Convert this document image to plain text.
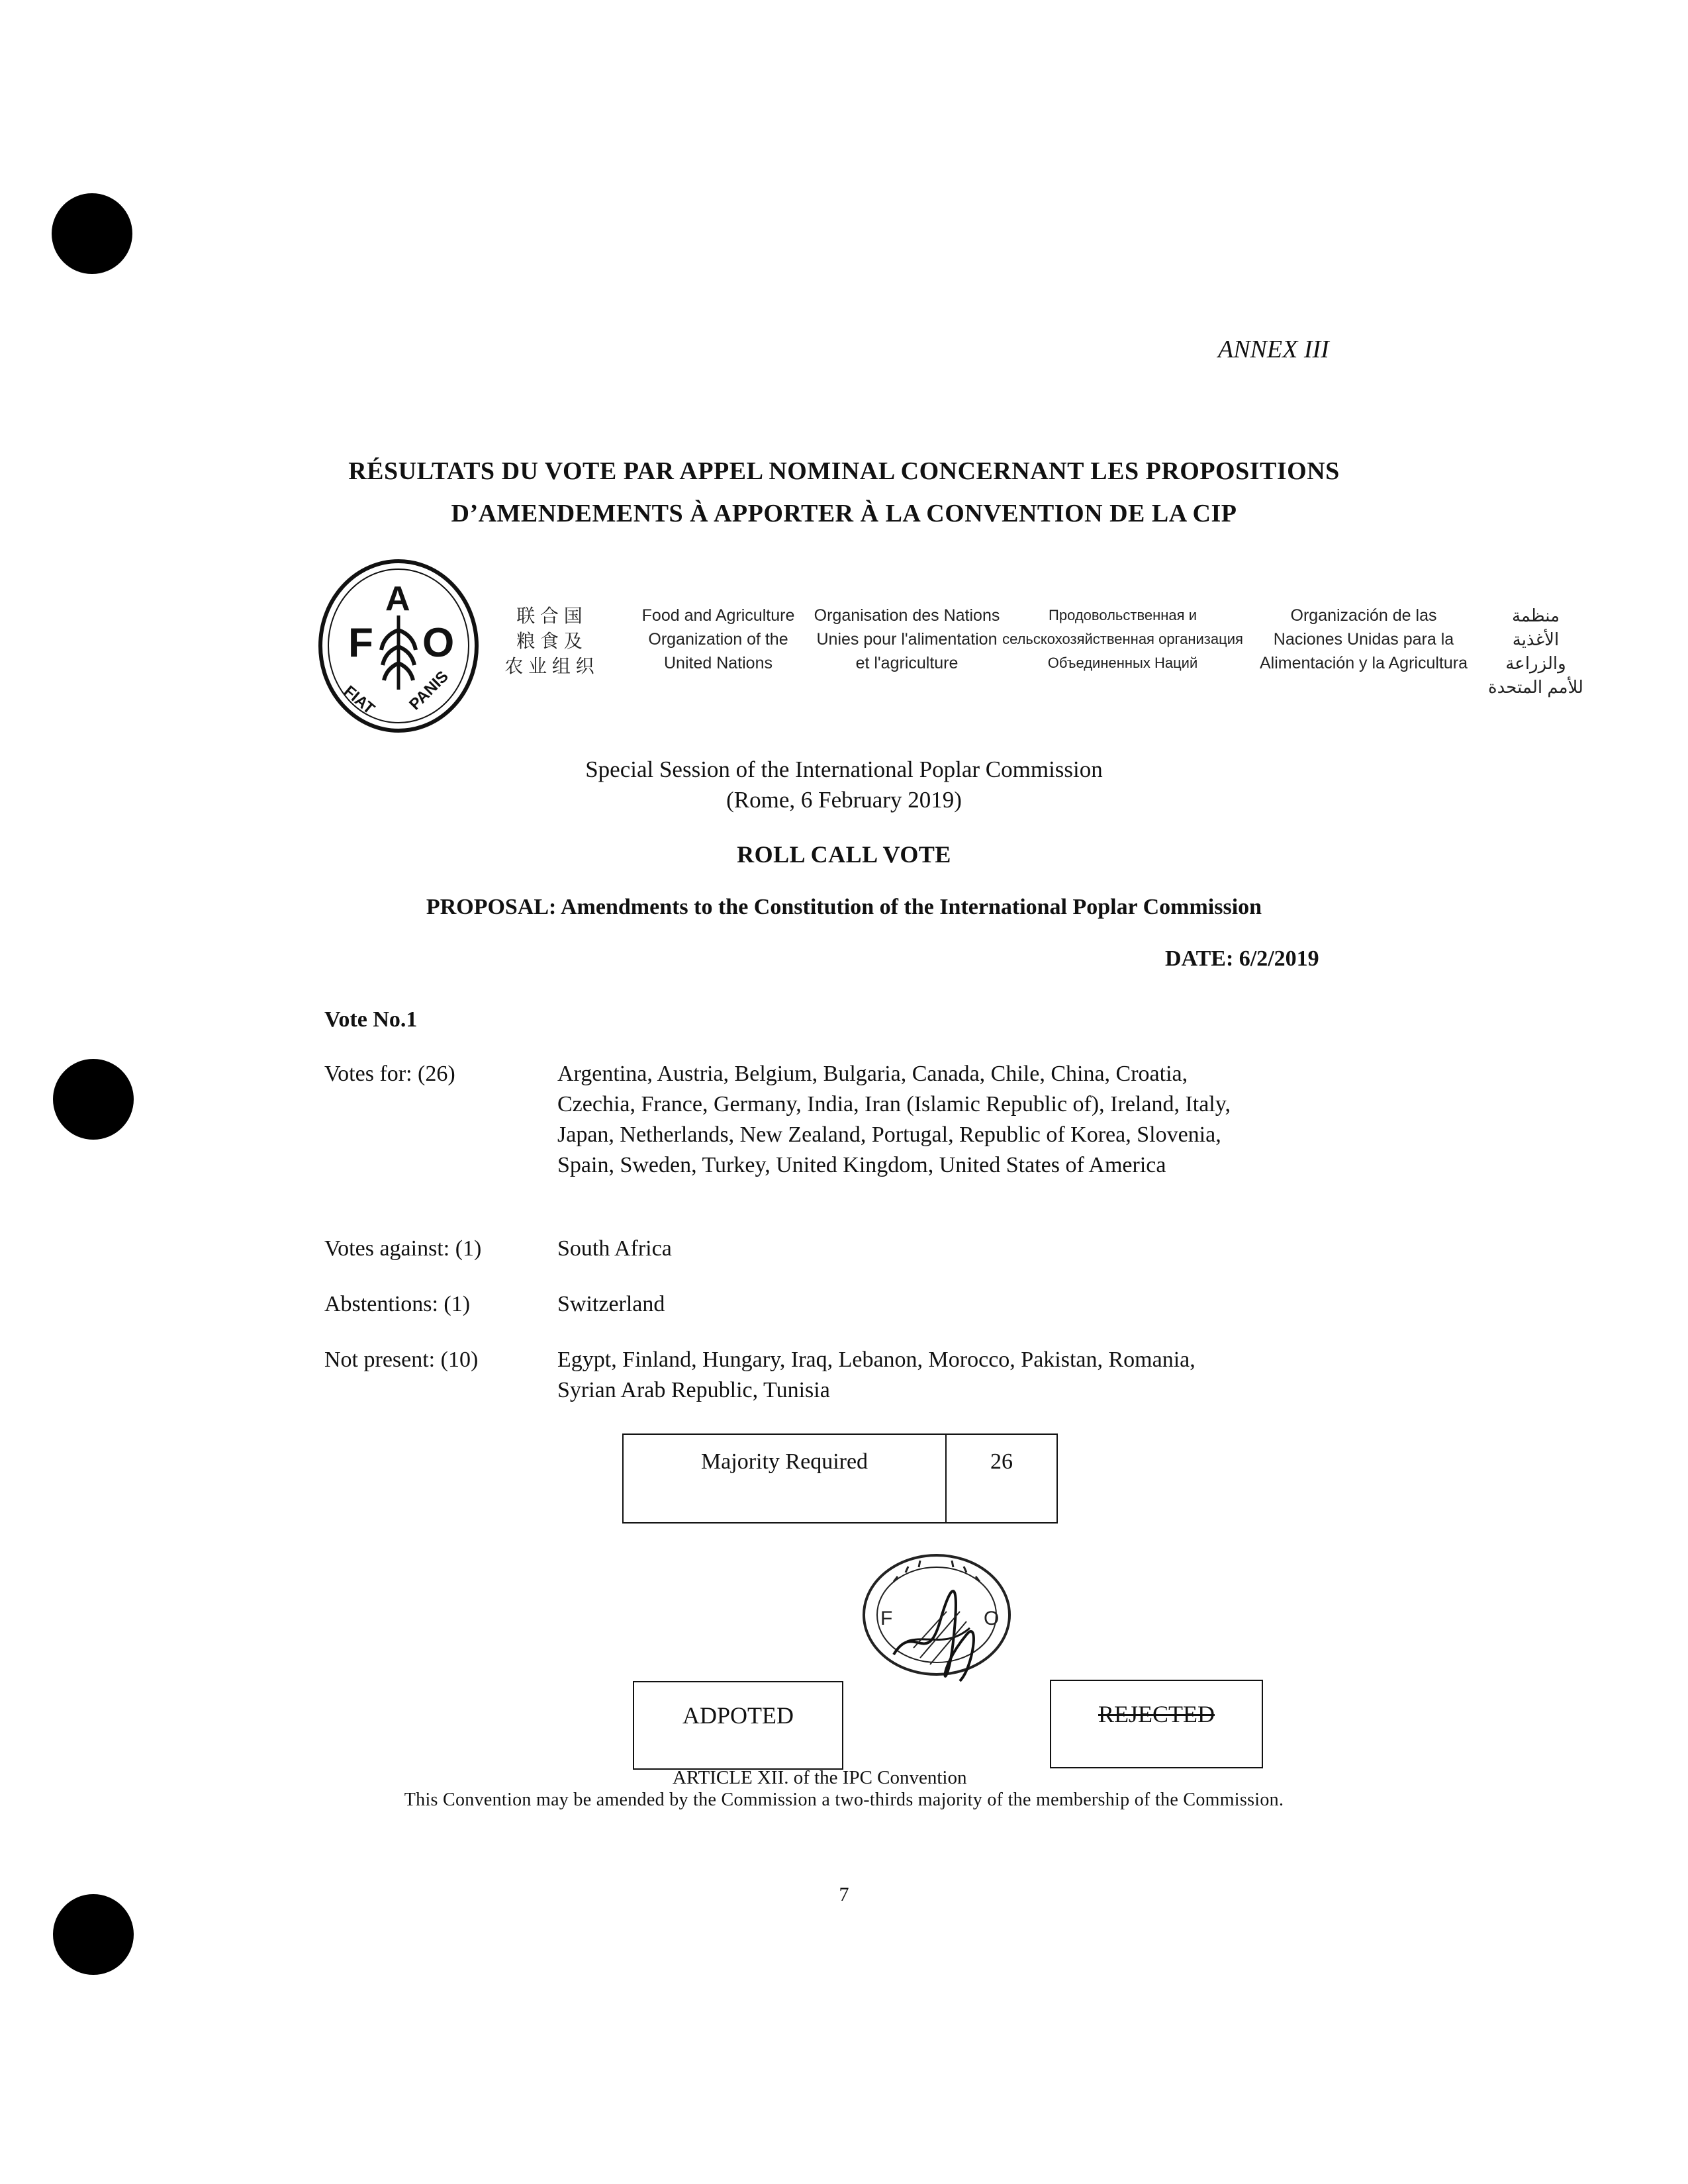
ANNEX III
RÉSULTATS DU VOTE PAR APPEL NOMINAL CONCERNANT LES PROPOSITIONS
D’AMENDEMENTS À APPORTER À LA CONVENTION DE LA CIP
F
A
O
FIAT PANIS
联 合 国
粮 食 及
农 业 组 织
Food and Agriculture
Organization of the
United Nations
Organisation des Nations
Unies pour l'alimentation
et l'agriculture
Продовольственная и
сельскохозяйственная организация
Объединенных Наций
Organización de las
Naciones Unidas para la
Alimentación y la Agricultura
منظمة
الأغذية والزراعة
للأمم المتحدة
Special Session of the International Poplar Commission
(Rome, 6 February 2019)
ROLL CALL VOTE
PROPOSAL: Amendments to the Constitution of the International Poplar Commission
DATE: 6/2/2019
Vote No.1
Votes for: (26)	Argentina, Austria, Belgium, Bulgaria, Canada, Chile, China, Croatia, Czechia, France, Germany, India, Iran (Islamic Republic of), Ireland, Italy, Japan, Netherlands, New Zealand, Portugal, Republic of Korea, Slovenia, Spain, Sweden, Turkey, United Kingdom, United States of America
Votes against: (1)	South Africa
Abstentions: (1)	Switzerland
Not present: (10)	Egypt, Finland, Hungary, Iraq, Lebanon, Morocco, Pakistan, Romania, Syrian Arab Republic, Tunisia
Majority Required	26
F	O
ADPOTED	REJECTED
ARTICLE XII. of the IPC Convention
This Convention may be amended by the Commission a two-thirds majority of the membership of the Commission.
7
